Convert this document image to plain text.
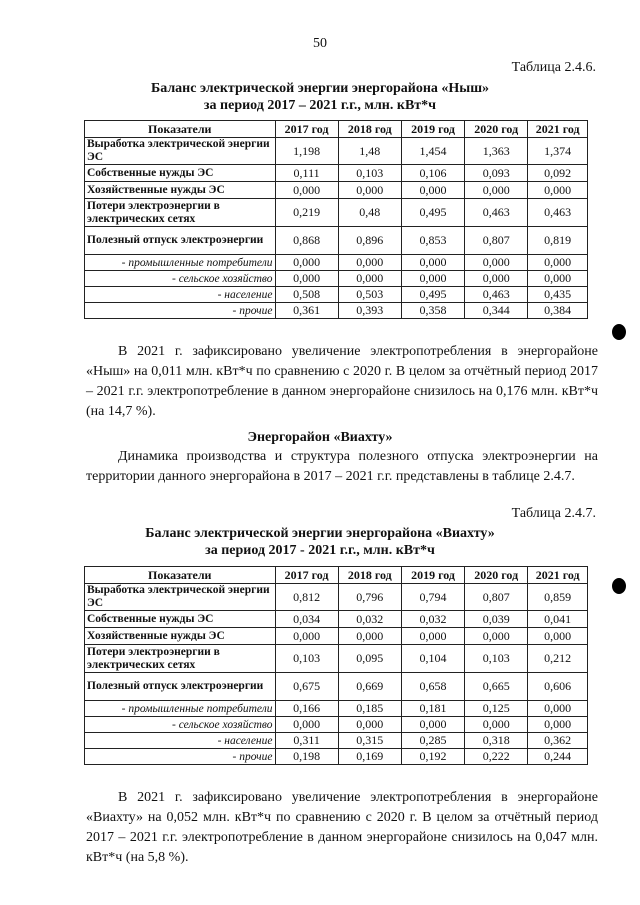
50
Таблица 2.4.6.
Баланс электрической энергии энергорайона «Ныш»
за период 2017 – 2021 г.г., млн. кВт*ч
Показатели	2017 год	2018 год	2019 год	2020 год	2021 год
Выработка электрической энергии ЭС	1,198	1,48	1,454	1,363	1,374
Собственные нужды ЭС	0,111	0,103	0,106	0,093	0,092
Хозяйственные нужды ЭС	0,000	0,000	0,000	0,000	0,000
Потери электроэнергии в электрических сетях	0,219	0,48	0,495	0,463	0,463
Полезный отпуск электроэнергии	0,868	0,896	0,853	0,807	0,819
- промышленные потребители	0,000	0,000	0,000	0,000	0,000
- сельское хозяйство	0,000	0,000	0,000	0,000	0,000
- население	0,508	0,503	0,495	0,463	0,435
- прочие	0,361	0,393	0,358	0,344	0,384
В 2021 г. зафиксировано увеличение электропотребления в энергорайоне «Ныш» на 0,011 млн. кВт*ч по сравнению с 2020 г. В целом за отчётный период 2017 – 2021 г.г. электропотребление в данном энергорайоне снизилось на 0,176 млн. кВт*ч (на 14,7 %).
Энергорайон «Виахту»
Динамика производства и структура полезного отпуска электроэнергии на территории данного энергорайона в 2017 – 2021 г.г. представлены в таблице 2.4.7.
Таблица 2.4.7.
Баланс электрической энергии энергорайона «Виахту»
за период 2017 - 2021 г.г., млн. кВт*ч
Показатели	2017 год	2018 год	2019 год	2020 год	2021 год
Выработка электрической энергии ЭС	0,812	0,796	0,794	0,807	0,859
Собственные нужды ЭС	0,034	0,032	0,032	0,039	0,041
Хозяйственные нужды ЭС	0,000	0,000	0,000	0,000	0,000
Потери электроэнергии в электрических сетях	0,103	0,095	0,104	0,103	0,212
Полезный отпуск электроэнергии	0,675	0,669	0,658	0,665	0,606
- промышленные потребители	0,166	0,185	0,181	0,125	0,000
- сельское хозяйство	0,000	0,000	0,000	0,000	0,000
- население	0,311	0,315	0,285	0,318	0,362
- прочие	0,198	0,169	0,192	0,222	0,244
В 2021 г. зафиксировано увеличение электропотребления в энергорайоне «Виахту» на 0,052 млн. кВт*ч по сравнению с 2020 г. В целом за отчётный период 2017 – 2021 г.г. электропотребление в данном энергорайоне снизилось на 0,047 млн. кВт*ч (на 5,8 %).
